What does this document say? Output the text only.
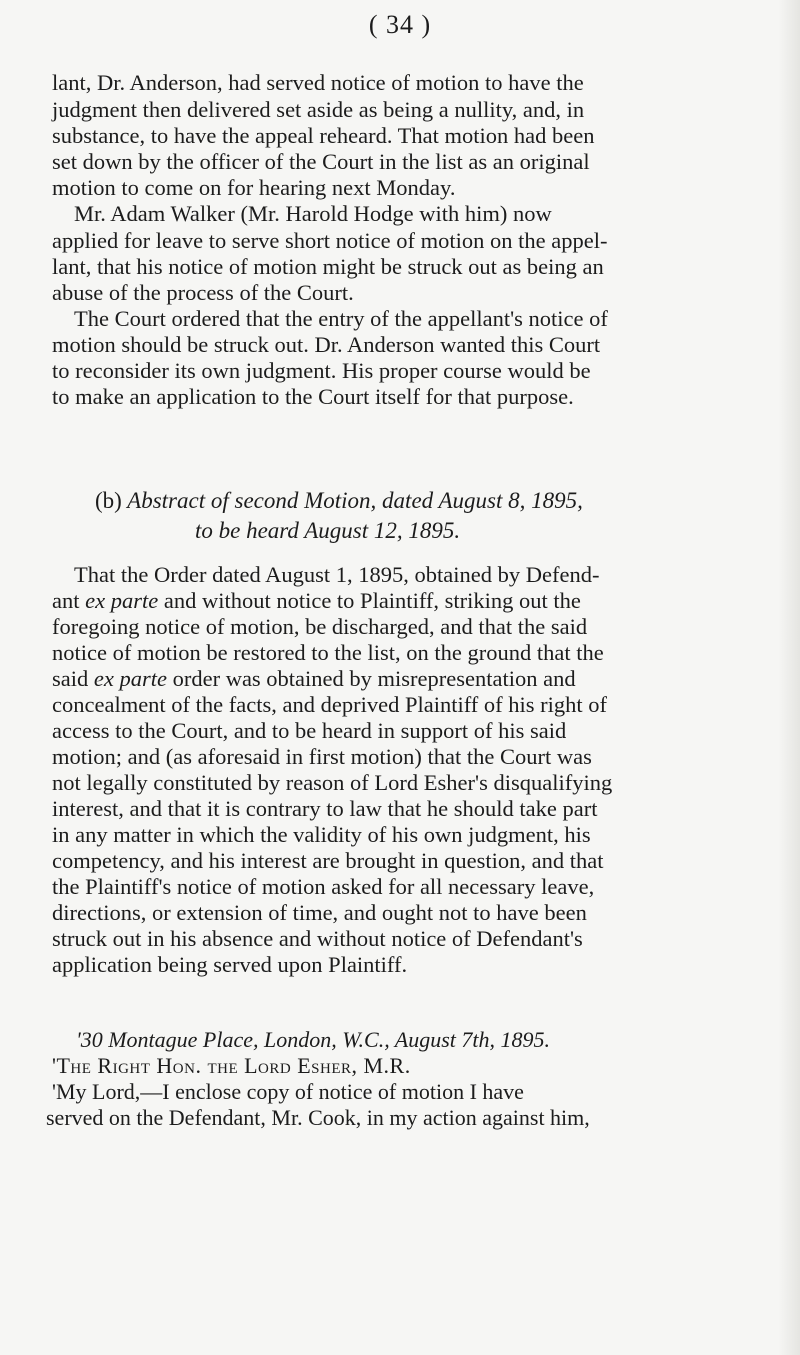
( 34 )
lant, Dr. Anderson, had served notice of motion to have the
judgment then delivered set aside as being a nullity, and, in
substance, to have the appeal reheard. That motion had been
set down by the officer of the Court in the list as an original
motion to come on for hearing next Monday.
Mr. Adam Walker (Mr. Harold Hodge with him) now
applied for leave to serve short notice of motion on the appel-
lant, that his notice of motion might be struck out as being an
abuse of the process of the Court.
The Court ordered that the entry of the appellant's notice of
motion should be struck out. Dr. Anderson wanted this Court
to reconsider its own judgment. His proper course would be
to make an application to the Court itself for that purpose.
(b) Abstract of second Motion, dated August 8, 1895,
to be heard August 12, 1895.
That the Order dated August 1, 1895, obtained by Defend-
ant ex parte and without notice to Plaintiff, striking out the
foregoing notice of motion, be discharged, and that the said
notice of motion be restored to the list, on the ground that the
said ex parte order was obtained by misrepresentation and
concealment of the facts, and deprived Plaintiff of his right of
access to the Court, and to be heard in support of his said
motion; and (as aforesaid in first motion) that the Court was
not legally constituted by reason of Lord Esher's disqualifying
interest, and that it is contrary to law that he should take part
in any matter in which the validity of his own judgment, his
competency, and his interest are brought in question, and that
the Plaintiff's notice of motion asked for all necessary leave,
directions, or extension of time, and ought not to have been
struck out in his absence and without notice of Defendant's
application being served upon Plaintiff.
'30 Montague Place, London, W.C., August 7th, 1895.
'The Right Hon. the Lord Esher, M.R.
'My Lord,—I enclose copy of notice of motion I have
served on the Defendant, Mr. Cook, in my action against him,
